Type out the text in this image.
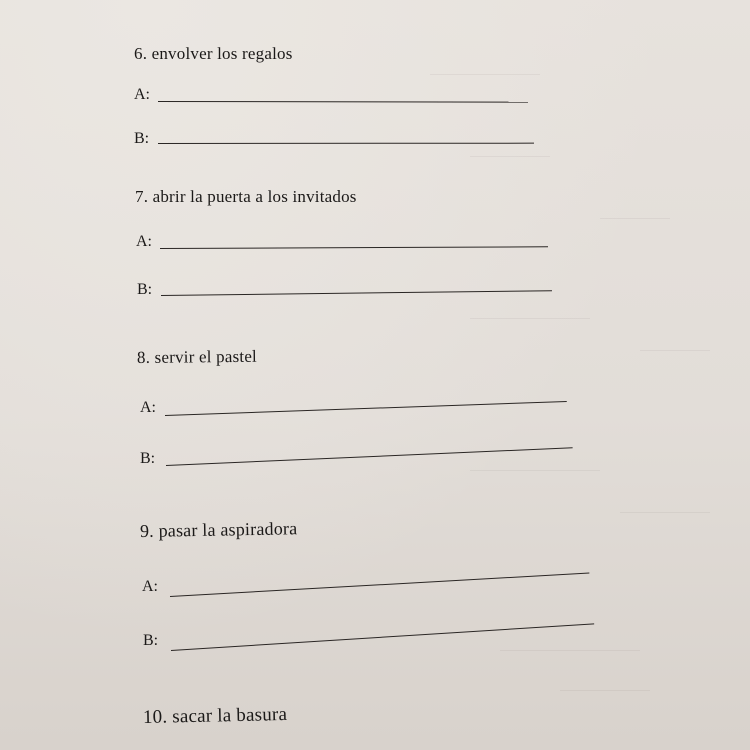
6. envolver los regalos
A:
B:
7. abrir la puerta a los invitados
A:
B:
8. servir el pastel
A:
B:
9. pasar la aspiradora
A:
B:
10. sacar la basura
